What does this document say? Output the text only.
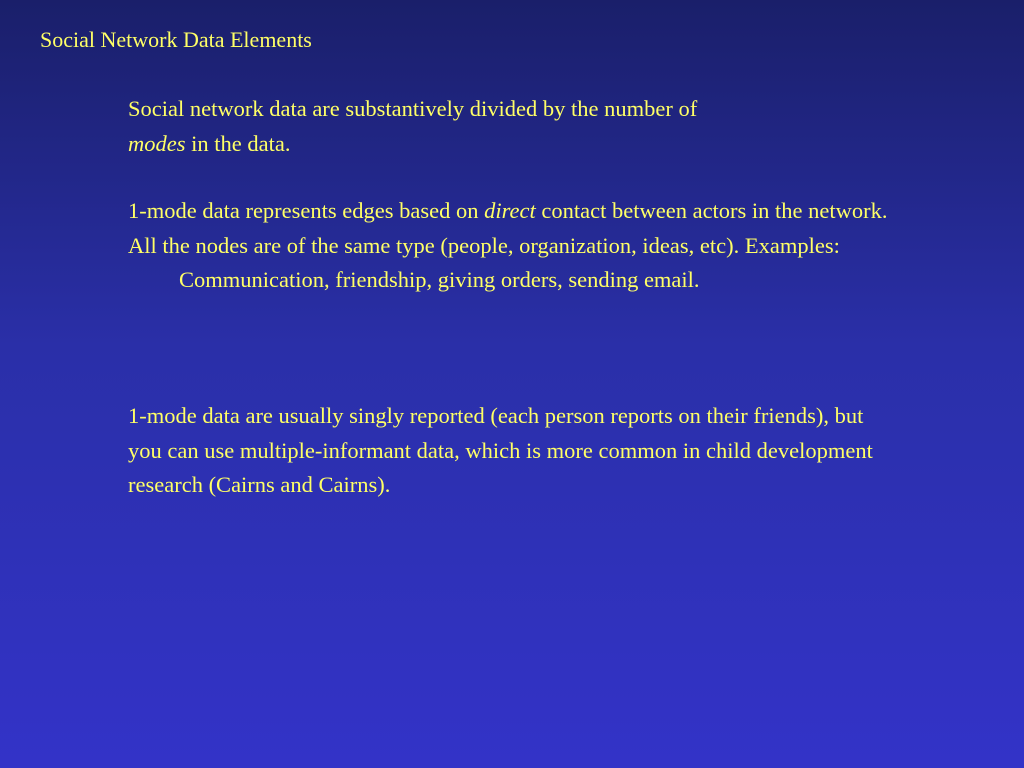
Social Network Data Elements
Social network data are substantively divided by the number of
modes in the data.
1-mode data represents edges based on direct contact between actors in the network. All the nodes are of the same type (people, organization, ideas, etc). Examples:
Communication, friendship, giving orders, sending email.
1-mode data are usually singly reported (each person reports on their friends), but you can use multiple-informant data, which is more common in child development research (Cairns and Cairns).
